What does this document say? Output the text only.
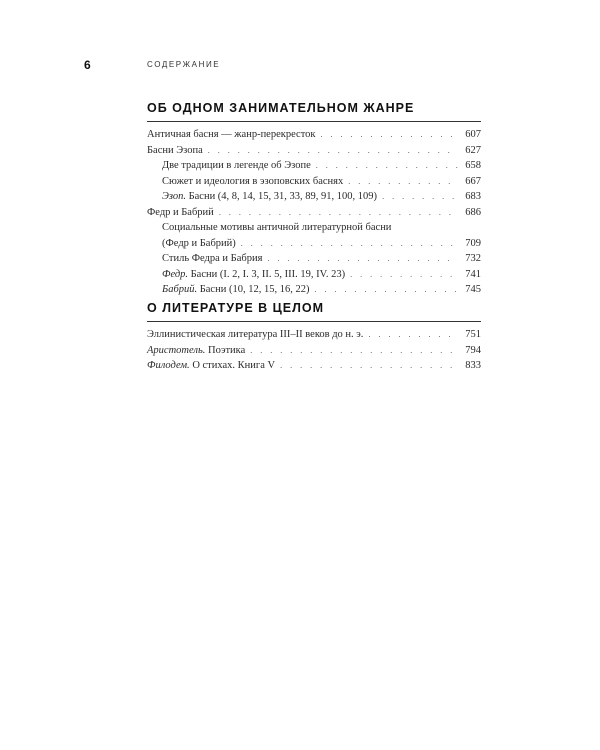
6	СОДЕРЖАНИЕ
ОБ ОДНОМ ЗАНИМАТЕЛЬНОМ ЖАНРЕ
Античная басня — жанр-перекресток . . .	607
Басни Эзопа . . .	627
Две традиции в легенде об Эзопе . . .	658
Сюжет и идеология в эзоповских баснях . . .	667
Эзоп. Басни (4, 8, 14, 15, 31, 33, 89, 91, 100, 109) . . .	683
Федр и Бабрий . . .	686
Социальные мотивы античной литературной басни
(Федр и Бабрий) . . .	709
Стиль Федра и Бабрия . . .	732
Федр. Басни (I. 2, I. 3, II. 5, III. 19, IV. 23) . . .	741
Бабрий. Басни (10, 12, 15, 16, 22) . . .	745
О ЛИТЕРАТУРЕ В ЦЕЛОМ
Эллинистическая литература III–II веков до н. э. . . .	751
Аристотель. Поэтика . . .	794
Филодем. О стихах. Книга V . . .	833
